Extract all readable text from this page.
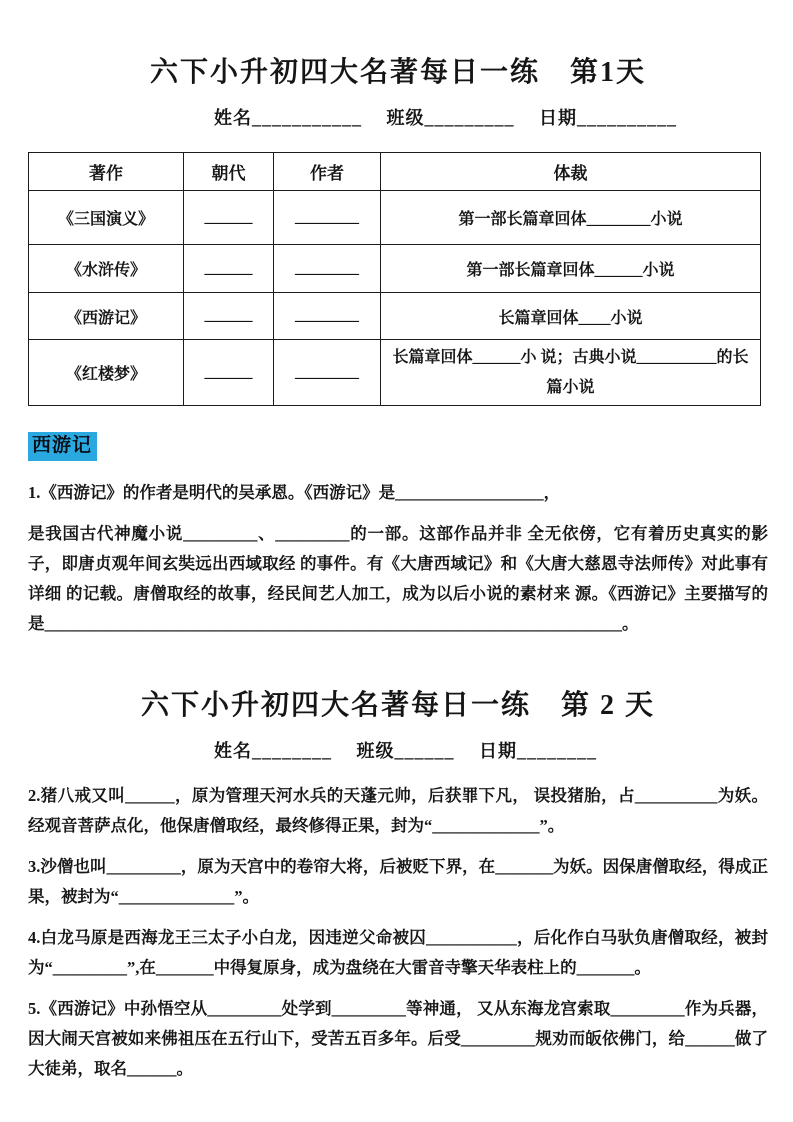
六下小升初四大名著每日一练　第1天
姓名___________　 班级_________　 日期__________
著作	朝代	作者	体裁
《三国演义》	______	________	第一部长篇章回体________小说
《水浒传》	______	________	第一部长篇章回体______小说
《西游记》	______	________	长篇章回体____小说
《红楼梦》	______	________	长篇章回体______小 说；古典小说__________的长篇小说
西游记

1.《西游记》的作者是明代的吴承恩。《西游记》是__________________，

是我国古代神魔小说_________、_________的一部。这部作品并非 全无依傍，它有着历史真实的影子，即唐贞观年间玄奘远出西域取经 的事件。有《大唐西域记》和《大唐大慈恩寺法师传》对此事有详细 的记载。唐僧取经的故事，经民间艺人加工，成为以后小说的素材来 源。《西游记》主要描写的是______________________________________________________________________。

六下小升初四大名著每日一练　第 2 天
姓名________　 班级______　 日期________

2.猪八戒又叫______，原为管理天河水兵的天蓬元帅，后获罪下凡， 误投猪胎，占__________为妖。经观音菩萨点化，他保唐僧取经，最终修得正果，封为“_____________”。

3.沙僧也叫_________，原为天宫中的卷帘大将，后被贬下界，在_______为妖。因保唐僧取经，得成正果，被封为“______________”。

4.白龙马原是西海龙王三太子小白龙，因违逆父命被囚___________，后化作白马驮负唐僧取经，被封为“_________”,在_______中得复原身，成为盘绕在大雷音寺擎天华表柱上的_______。

5.《西游记》中孙悟空从_________处学到_________等神通， 又从东海龙宫索取_________作为兵器，因大闹天宫被如来佛祖压在五行山下，受苦五百多年。后受_________规劝而皈依佛门，给______做了大徒弟，取名______。
